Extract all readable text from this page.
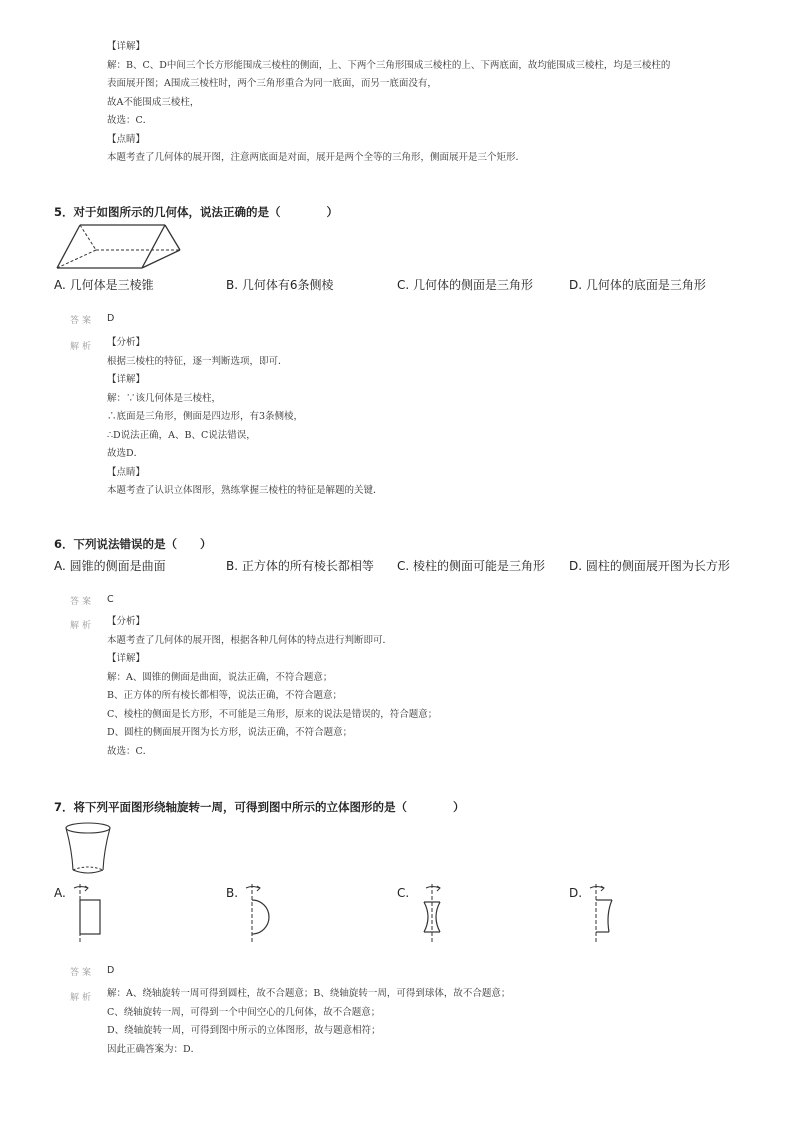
【详解】
解：B、C、D中间三个长方形能围成三棱柱的侧面，上、下两个三角形围成三棱柱的上、下两底面，故均能围成三棱柱，均是三棱柱的
表面展开图；A围成三棱柱时，两个三角形重合为同一底面，而另一底面没有，
故A不能围成三棱柱，
故选：C．
【点睛】
本题考查了几何体的展开图，注意两底面是对面，展开是两个全等的三角形，侧面展开是三个矩形．
5．对于如图所示的几何体，说法正确的是（　　　　）
A. 几何体是三棱锥	B. 几何体有6条侧棱	C. 几何体的侧面是三角形	D. 几何体的底面是三角形
答案 D
解析 【分析】
根据三棱柱的特征，逐一判断选项，即可．
【详解】
解：∵该几何体是三棱柱，
∴底面是三角形，侧面是四边形，有3条侧棱，
∴D说法正确，A、B、C说法错误，
故选D．
【点睛】
本题考查了认识立体图形，熟练掌握三棱柱的特征是解题的关键．
6．下列说法错误的是（　　）
A. 圆锥的侧面是曲面	B. 正方体的所有棱长都相等 C. 棱柱的侧面可能是三角形 D. 圆柱的侧面展开图为长方形
答案 C
解析 【分析】
本题考查了几何体的展开图，根据各种几何体的特点进行判断即可．
【详解】
解：A、圆锥的侧面是曲面，说法正确，不符合题意；
B、正方体的所有棱长都相等，说法正确，不符合题意；
C、棱柱的侧面是长方形，不可能是三角形，原来的说法是错误的，符合题意；
D、圆柱的侧面展开图为长方形，说法正确，不符合题意；
故选：C．
7．将下列平面图形绕轴旋转一周，可得到图中所示的立体图形的是（　　　　）
A.	B.	C.	D.
答案 D
解析 解：A、绕轴旋转一周可得到圆柱，故不合题意；B、绕轴旋转一周，可得到球体，故不合题意；
C、绕轴旋转一周，可得到一个中间空心的几何体，故不合题意；
D、绕轴旋转一周，可得到图中所示的立体图形，故与题意相符；
因此正确答案为：D．
